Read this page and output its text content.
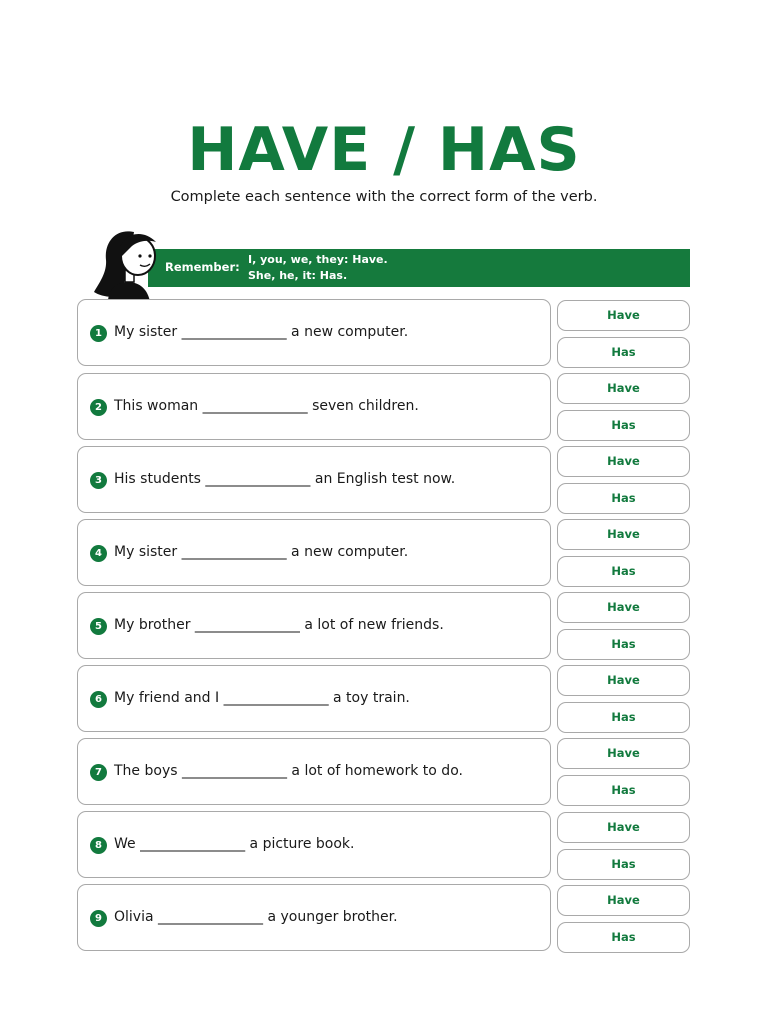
HAVE / HAS
Complete each sentence with the correct form of the verb.
Remember:
I, you, we, they: Have.
She, he, it: Has.
1 My sister _______________ a new computer.
Have
Has
2 This woman _______________ seven children.
Have
Has
3 His students _______________ an English test now.
Have
Has
4 My sister _______________ a new computer.
Have
Has
5 My brother _______________ a lot of new friends.
Have
Has
6 My friend and I _______________ a toy train.
Have
Has
7 The boys _______________ a lot of homework to do.
Have
Has
8 We _______________ a picture book.
Have
Has
9 Olivia _______________ a younger brother.
Have
Has
